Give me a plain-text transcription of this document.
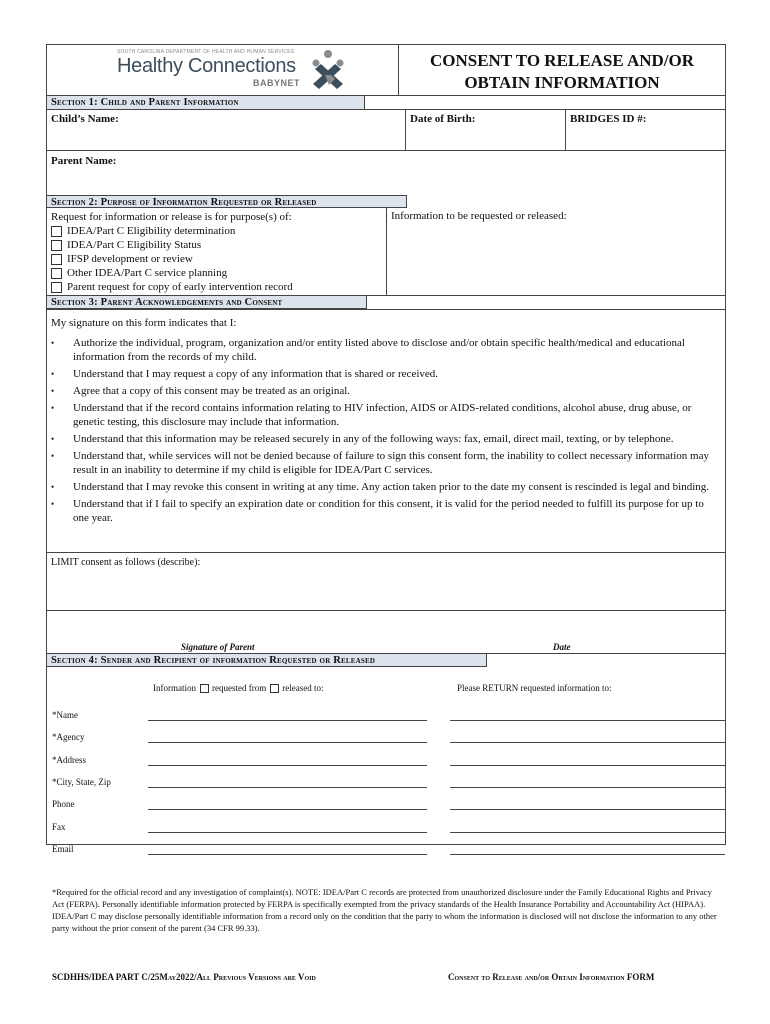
SOUTH CAROLINA DEPARTMENT OF HEALTH AND HUMAN SERVICES
Healthy Connections
BABYNET
CONSENT TO RELEASE AND/OR
OBTAIN INFORMATION
Section 1: Child and Parent Information
Child’s Name:	Date of Birth:	BRIDGES ID #:
Parent Name:
Section 2: Purpose of Information Requested or Released
Request for information or release is for purpose(s) of:
IDEA/Part C Eligibility determination
IDEA/Part C Eligibility Status
IFSP development or review
Other IDEA/Part C service planning
Parent request for copy of early intervention record
Information to be requested or released:
Section 3: Parent Acknowledgements and Consent
My signature on this form indicates that I:
•	Authorize the individual, program, organization and/or entity listed above to disclose and/or obtain specific health/medical and educational information from the records of my child.
•	Understand that I may request a copy of any information that is shared or received.
•	Agree that a copy of this consent may be treated as an original.
•	Understand that if the record contains information relating to HIV infection, AIDS or AIDS-related conditions, alcohol abuse, drug abuse, or genetic testing, this disclosure may include that information.
•	Understand that this information may be released securely in any of the following ways: fax, email, direct mail, texting, or by telephone.
•	Understand that, while services will not be denied because of failure to sign this consent form, the inability to collect necessary information may result in an inability to determine if my child is eligible for IDEA/Part C services.
•	Understand that I may revoke this consent in writing at any time. Any action taken prior to the date my consent is rescinded is legal and binding.
•	Understand that if I fail to specify an expiration date or condition for this consent, it is valid for the period needed to fulfill its purpose for up to one year.
LIMIT consent as follows (describe):
Signature of Parent	Date
Section 4: Sender and Recipient of information Requested or Released
Information requested from released to:	Please RETURN requested information to:
*Name
*Agency
*Address
*City, State, Zip
Phone
Fax
Email
*Required for the official record and any investigation of complaint(s). NOTE: IDEA/Part C records are protected from unauthorized disclosure under the Family Educational Rights and Privacy Act (FERPA). Personally identifiable information protected by FERPA is specifically exempted from the privacy standards of the Health Insurance Portability and Accountability Act (HIPAA). IDEA/Part C may disclose personally identifiable information from a record only on the condition that the party to whom the information is disclosed will not disclose the information to any other party without the prior consent of the parent (34 CFR 99.33).
SCDHHS/IDEA PART C/25May2022/All Previous Versions are Void	Consent to Release and/or Obtain Information FORM
